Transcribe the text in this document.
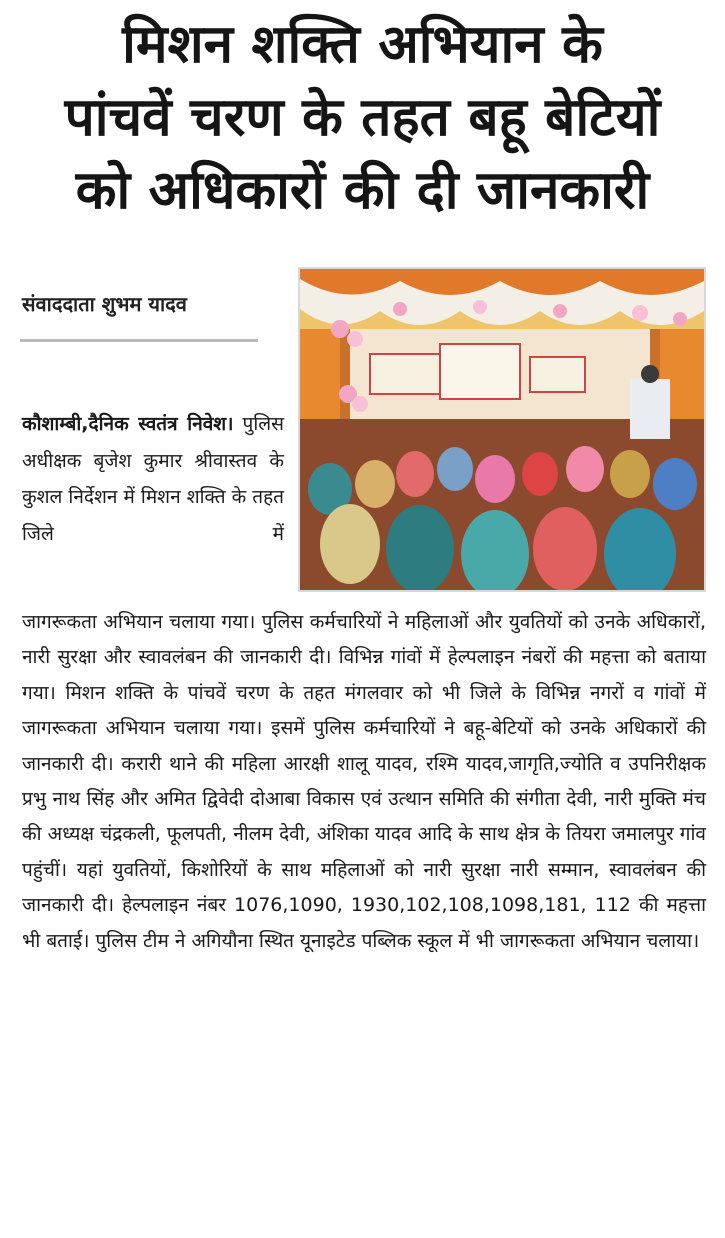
मिशन शक्ति अभियान के
पांचवें चरण के तहत बहू बेटियों
को अधिकारों की दी जानकारी
संवाददाता शुभम यादव
कौशाम्बी,दैनिक स्वतंत्र निवेश। पुलिस अधीक्षक बृजेश कुमार श्रीवास्तव के कुशल निर्देशन में मिशन शक्ति के तहत जिले में
जागरूकता अभियान चलाया गया। पुलिस कर्मचारियों ने महिलाओं और युवतियों को उनके अधिकारों, नारी सुरक्षा और स्वावलंबन की जानकारी दी। विभिन्न गांवों में हेल्पलाइन नंबरों की महत्ता को बताया गया। मिशन शक्ति के पांचवें चरण के तहत मंगलवार को भी जिले के विभिन्न नगरों व गांवों में जागरूकता अभियान चलाया गया। इसमें पुलिस कर्मचारियों ने बहू-बेटियों को उनके अधिकारों की जानकारी दी। करारी थाने की महिला आरक्षी शालू यादव, रश्मि यादव,जागृति,ज्योति व उपनिरीक्षक प्रभु नाथ सिंह और अमित द्विवेदी दोआबा विकास एवं उत्थान समिति की संगीता देवी, नारी मुक्ति मंच की अध्यक्ष चंद्रकली, फूलपती, नीलम देवी, अंशिका यादव आदि के साथ क्षेत्र के तियरा जमालपुर गांव पहुंचीं। यहां युवतियों, किशोरियों के साथ महिलाओं को नारी सुरक्षा नारी सम्मान, स्वावलंबन की जानकारी दी। हेल्पलाइन नंबर 1076,1090, 1930,102,108,1098,181, 112 की महत्ता भी बताई। पुलिस टीम ने अगियौना स्थित यूनाइटेड पब्लिक स्कूल में भी जागरूकता अभियान चलाया।
